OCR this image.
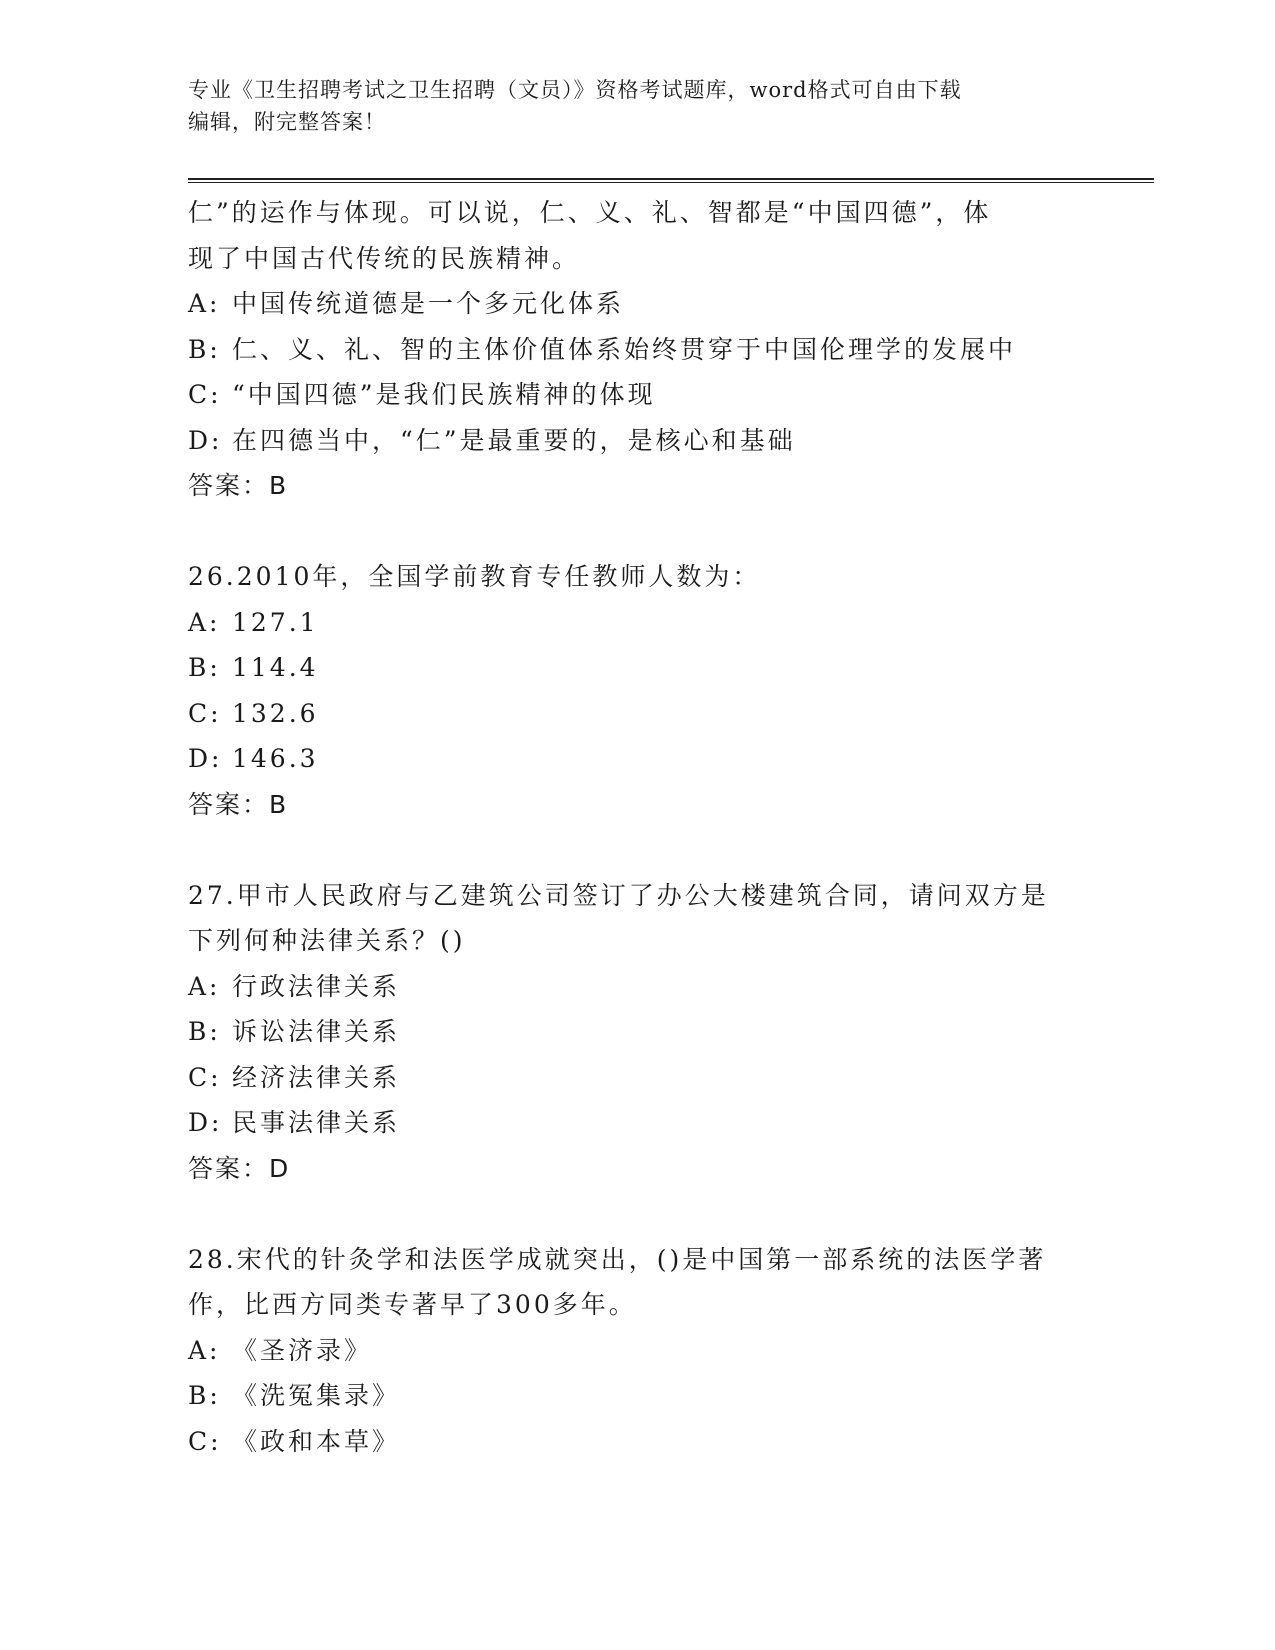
专业《卫生招聘考试之卫生招聘（文员）》资格考试题库，word格式可自由下载
编辑，附完整答案！
仁”的运作与体现。可以说，仁、义、礼、智都是“中国四德”，体
现了中国古代传统的民族精神。
A: 中国传统道德是一个多元化体系
B: 仁、义、礼、智的主体价值体系始终贯穿于中国伦理学的发展中
C: “中国四德”是我们民族精神的体现
D: 在四德当中，“仁”是最重要的，是核心和基础
答案：B
26.2010年，全国学前教育专任教师人数为：
A: 127.1
B: 114.4
C: 132.6
D: 146.3
答案：B
27.甲市人民政府与乙建筑公司签订了办公大楼建筑合同，请问双方是
下列何种法律关系？()
A: 行政法律关系
B: 诉讼法律关系
C: 经济法律关系
D: 民事法律关系
答案：D
28.宋代的针灸学和法医学成就突出，()是中国第一部系统的法医学著
作，比西方同类专著早了300多年。
A: 《圣济录》
B: 《洗冤集录》
C: 《政和本草》
